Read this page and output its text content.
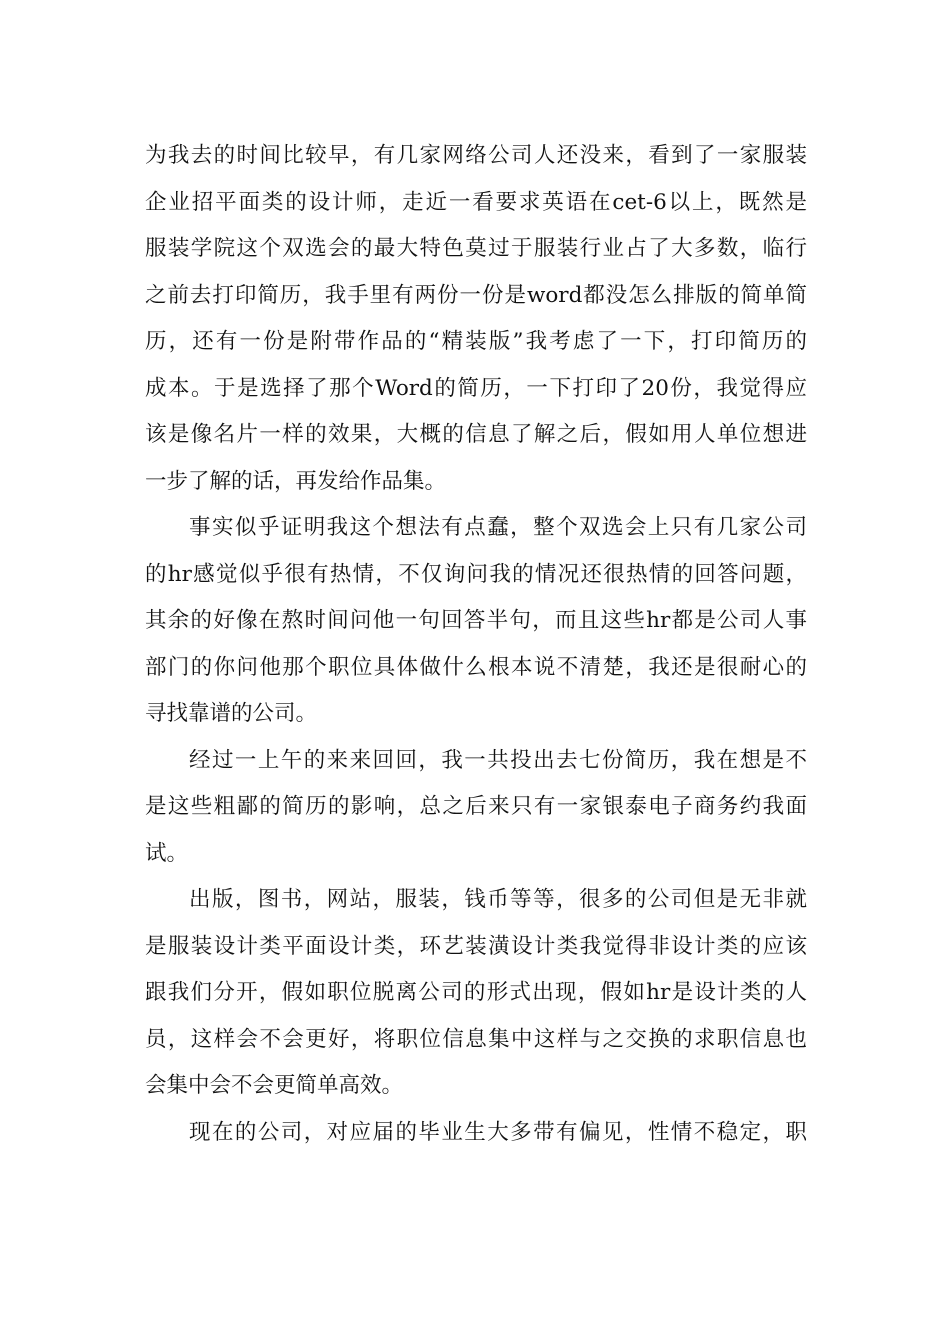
为我去的时间比较早，有几家网络公司人还没来，看到了一家服装
企业招平面类的设计师，走近一看要求英语在cet-6以上，既然是
服装学院这个双选会的最大特色莫过于服装行业占了大多数，临行
之前去打印简历，我手里有两份一份是word都没怎么排版的简单简
历，还有一份是附带作品的“精装版”我考虑了一下，打印简历的
成本。于是选择了那个Word的简历，一下打印了20份，我觉得应
该是像名片一样的效果，大概的信息了解之后，假如用人单位想进
一步了解的话，再发给作品集。

事实似乎证明我这个想法有点蠢，整个双选会上只有几家公司
的hr感觉似乎很有热情，不仅询问我的情况还很热情的回答问题，
其余的好像在熬时间问他一句回答半句，而且这些hr都是公司人事
部门的你问他那个职位具体做什么根本说不清楚，我还是很耐心的
寻找靠谱的公司。

经过一上午的来来回回，我一共投出去七份简历，我在想是不
是这些粗鄙的简历的影响，总之后来只有一家银泰电子商务约我面
试。

出版，图书，网站，服装，钱币等等，很多的公司但是无非就
是服装设计类平面设计类，环艺装潢设计类我觉得非设计类的应该
跟我们分开，假如职位脱离公司的形式出现，假如hr是设计类的人
员，这样会不会更好，将职位信息集中这样与之交换的求职信息也
会集中会不会更简单高效。

现在的公司，对应届的毕业生大多带有偏见，性情不稳定，职
